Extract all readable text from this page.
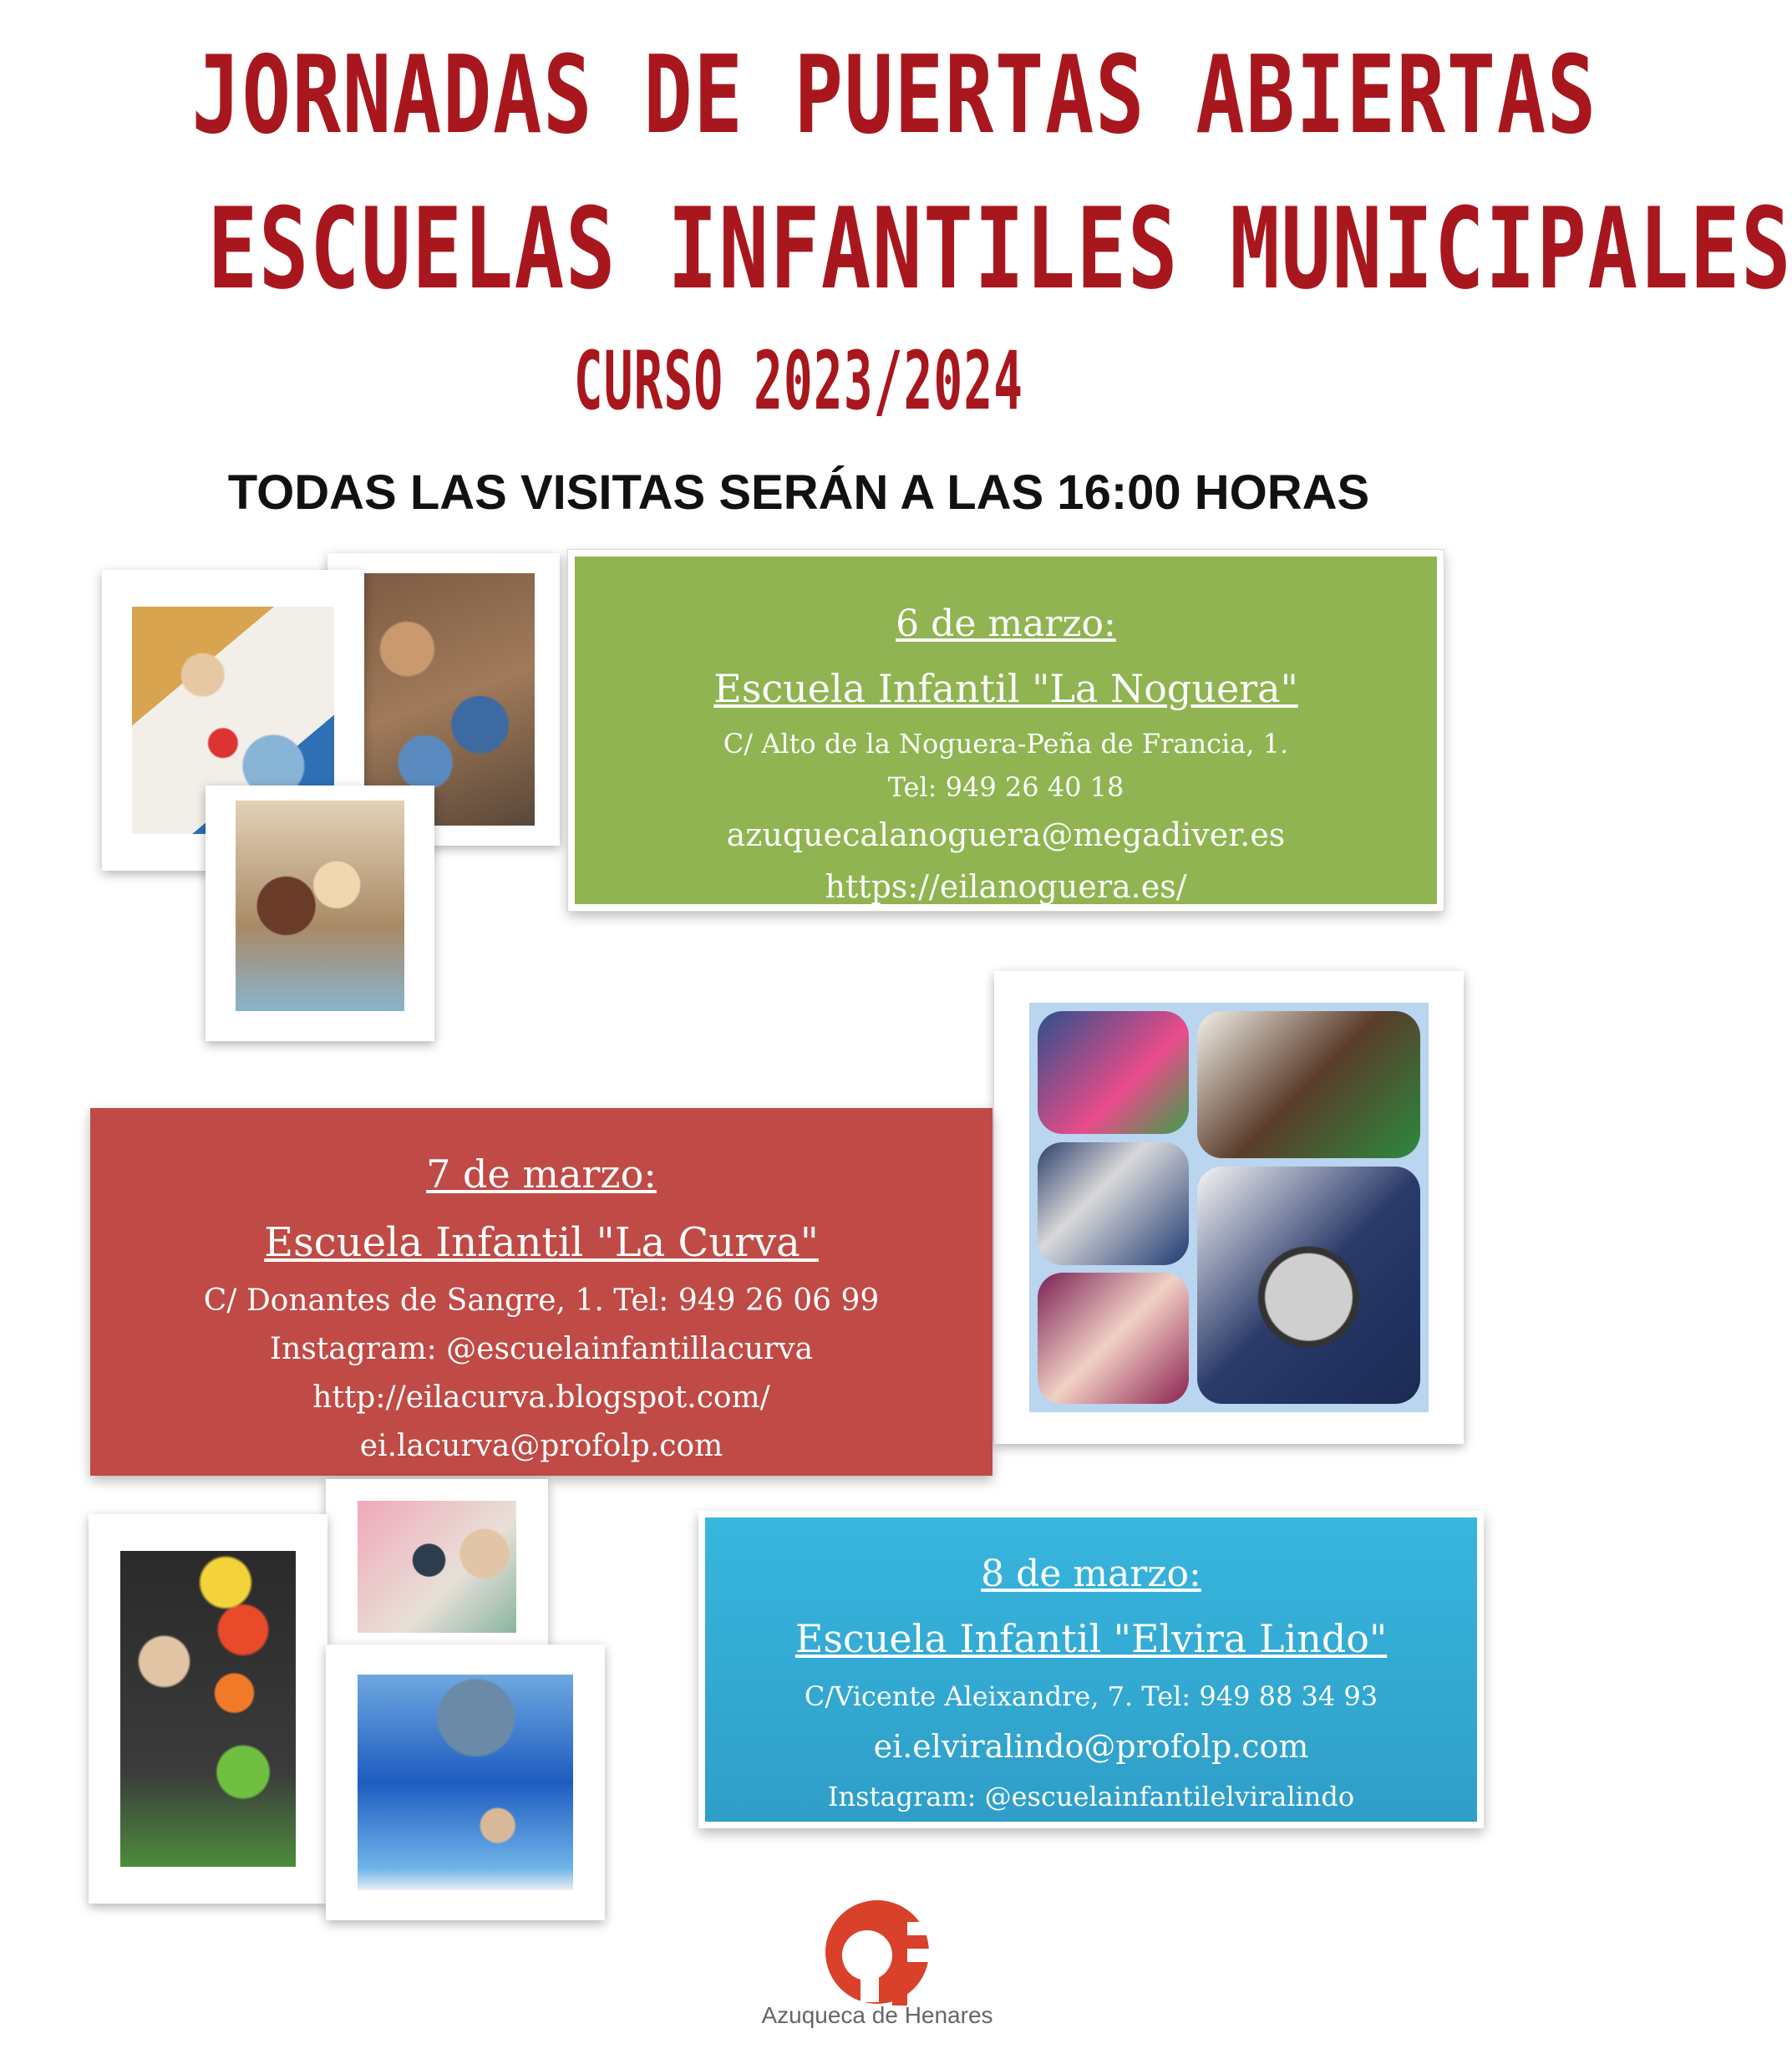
JORNADAS DE PUERTAS ABIERTAS
ESCUELAS INFANTILES MUNICIPALES
CURSO 2023/2024
TODAS LAS VISITAS SERÁN A LAS 16:00 HORAS
6 de marzo:
Escuela Infantil "La Noguera"
C/ Alto de la Noguera-Peña de Francia, 1.
Tel: 949 26 40 18
azuquecalanoguera@megadiver.es
https://eilanoguera.es/
7 de marzo:
Escuela Infantil "La Curva"
C/ Donantes de Sangre, 1. Tel: 949 26 06 99
Instagram: @escuelainfantillacurva
http://eilacurva.blogspot.com/
ei.lacurva@profolp.com
8 de marzo:
Escuela Infantil "Elvira Lindo"
C/Vicente Aleixandre, 7. Tel: 949 88 34 93
ei.elviralindo@profolp.com
Instagram: @escuelainfantilelviralindo
Azuqueca de Henares
